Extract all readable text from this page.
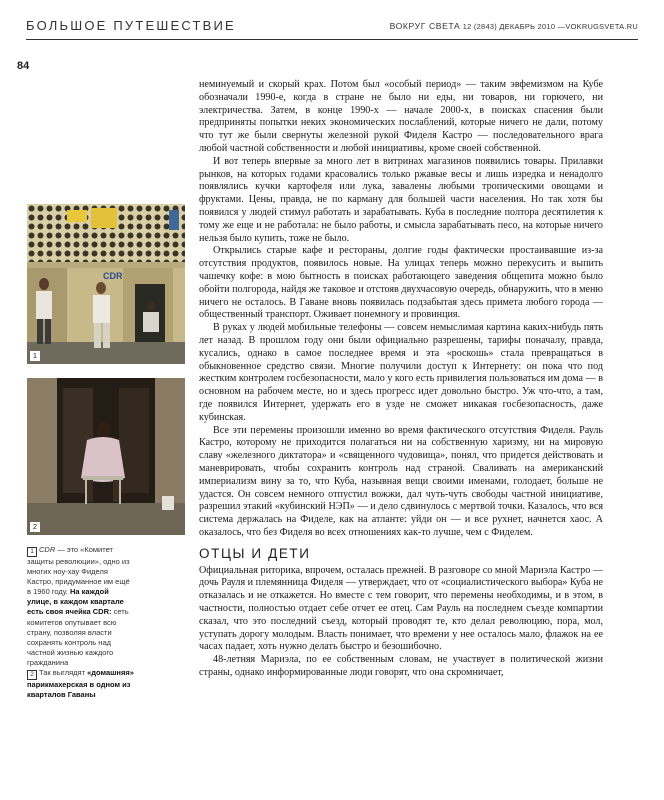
БОЛЬШОЕ ПУТЕШЕСТВИЕ	ВОКРУГ СВЕТА 12 (2843) ДЕКАБРЬ 2010 —VOKRUGSVETA.RU
84
CDR
1
2

1 CDR — это «Комитет защиты революции», одно из многих ноу-хау Фиделя Кастро, придуманное им ещё в 1960 году. На каждой улице, в каждом квартале есть своя ячейка CDR: сеть комитетов опутывает всю страну, позволяя власти сохранять контроль над частной жизнью каждого гражданина

2 Так выглядят «домашняя» парикмахерская в одном из кварталов Гаваны

неминуемый и скорый крах. Потом был «особый период» — таким эвфемизмом на Кубе обозначали 1990-е, когда в стране не было ни еды, ни товаров, ни горючего, ни электричества. Затем, в конце 1990-х — начале 2000-х, в поисках спасения были предприняты попытки неких экономических послаблений, которые ничего не дали, потому что тут же были свернуты железной рукой Фиделя Кастро — последовательного врага любой частной собственности и любой инициативы, кроме своей собственной.

И вот теперь впервые за много лет в витринах магазинов появились товары. Прилавки рынков, на которых годами красовались только ржавые весы и лишь изредка и ненадолго появлялись кучки картофеля или лука, завалены любыми тропическими овощами и фруктами. Цены, правда, не по карману для большей части населения. Но так хотя бы появился у людей стимул работать и зарабатывать. Куба в последние полтора десятилетия к тому же еще и не работала: не было работы, и смысла зарабатывать песо, на которые ничего нельзя было купить, тоже не было.

Открылись старые кафе и рестораны, долгие годы фактически простаивавшие из-за отсутствия продуктов, появилось новые. На улицах теперь можно перекусить и выпить чашечку кофе: в мою бытность в поисках работающего заведения общепита можно было обойти полгорода, найдя же таковое и отстояв двухчасовую очередь, обнаружить, что в меню ничего не осталось. В Гаване вновь появилась подзабытая здесь примета любого города — общественный транспорт. Оживает понемногу и провинция.

В руках у людей мобильные телефоны — совсем немыслимая картина каких-нибудь пять лет назад. В прошлом году они были официально разрешены, тарифы поначалу, правда, кусались, однако в самое последнее время и эта «роскошь» стала превращаться в обыкновенное средство связи. Многие получили доступ к Интернету: он пока что под жестким контролем госбезопасности, мало у кого есть привилегия пользоваться им дома — в основном на рабочем месте, но и здесь прогресс идет довольно быстро. Уж что-что, а там, где появился Интернет, удержать его в узде не сможет никакая госбезопасность, даже кубинская.

Все эти перемены произошли именно во время фактического отсутствия Фиделя. Рауль Кастро, которому не приходится полагаться ни на собственную харизму, ни на мировую славу «железного диктатора» и «священного чудовища», понял, что придется действовать и маневрировать, чтобы сохранить контроль над страной. Сваливать на американский империализм вину за то, что Куба, назывная вещи своими именами, голодает, больше не удастся. Он совсем немного отпустил вожжи, дал чуть-чуть свободы частной инициативе, разрешил этакий «кубинский НЭП» — и дело сдвинулось с мертвой точки. Казалось, что вся система держалась на Фиделе, как на атланте: уйди он — и все рухнет, начнется хаос. А оказалось, что без Фиделя во всех отношениях как-то лучше, чем с Фиделем.

ОТЦЫ И ДЕТИ

Официальная риторика, впрочем, осталась прежней. В разговоре со мной Мариэла Кастро — дочь Рауля и племянница Фиделя — утверждает, что от «социалистического выбора» Куба не отказалась и не откажется. Но вместе с тем говорит, что перемены необходимы, и в этом, в частности, полностью отдает себе отчет ее отец. Сам Рауль на последнем съезде компартии сказал, что это последний съезд, который проводят те, кто делал революцию, пора, мол, уступать дорогу молодым. Власть понимает, что времени у нее осталось мало, флажок на ее часах падает, хоть нужно делать быстро и безошибочно.

48-летняя Мариэла, по ее собственным словам, не участвует в политической жизни страны, однако информированные люди говорят, что она скромничает,
